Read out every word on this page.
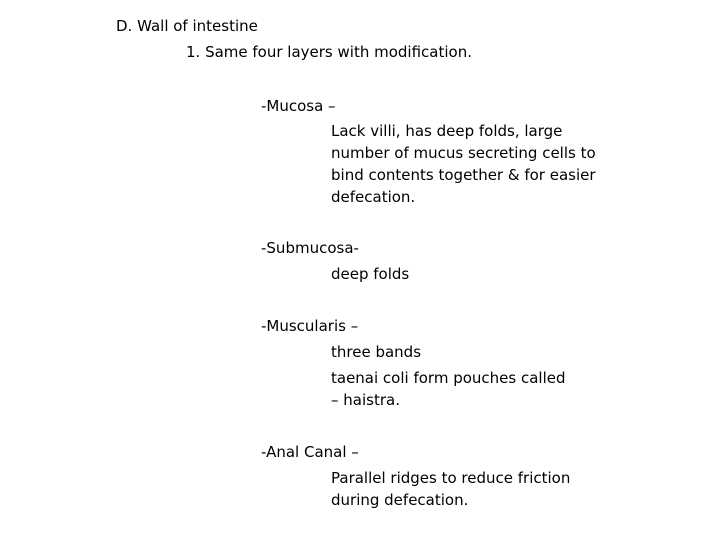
D. Wall of intestine
1. Same four layers with modification.
-Mucosa –
Lack villi, has deep folds, large
number of mucus secreting cells to
bind contents together & for easier
defecation.
-Submucosa-
deep folds
-Muscularis –
three bands
taenai coli form pouches called
– haistra.
-Anal Canal –
Parallel ridges to reduce friction
during defecation.
